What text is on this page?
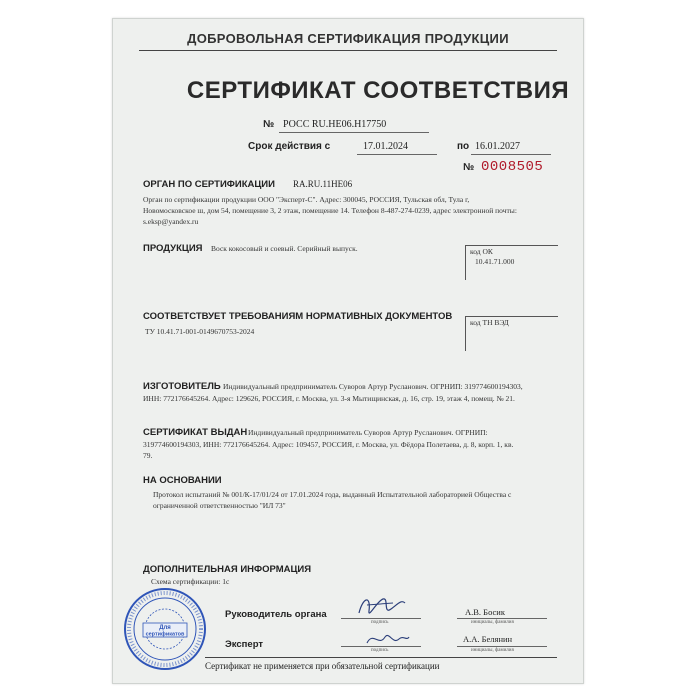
ДОБРОВОЛЬНАЯ СЕРТИФИКАЦИЯ ПРОДУКЦИИ
СЕРТИФИКАТ СООТВЕТСТВИЯ
№ РОСС RU.НЕ06.Н17750
Срок действия с	17.01.2024	по 16.01.2027
№ 0008505
ОРГАН ПО СЕРТИФИКАЦИИ RA.RU.11НЕ06
Орган по сертификации продукции ООО "Эксперт-С". Адрес: 300045, РОССИЯ, Тульская обл, Тула г,
Новомосковское ш, дом 54, помещение 3, 2 этаж, помещение 14. Телефон 8-487-274-0239, адрес электронной почты:
s.eksp@yandex.ru
ПРОДУКЦИЯ Воск кокосовый и соевый. Серийный выпуск.	код ОК
10.41.71.000
СООТВЕТСТВУЕТ ТРЕБОВАНИЯМ НОРМАТИВНЫХ ДОКУМЕНТОВ
ТУ 10.41.71-001-0149670753-2024
код ТН ВЭД
ИЗГОТОВИТЕЛЬ Индивидуальный предприниматель Суворов Артур Русланович. ОГРНИП: 319774600194303,
ИНН: 772176645264. Адрес: 129626, РОССИЯ, г. Москва, ул. 3-я Мытищинская, д. 16, стр. 19, этаж 4, помещ. № 21.
СЕРТИФИКАТ ВЫДАН Индивидуальный предприниматель Суворов Артур Русланович. ОГРНИП:
319774600194303, ИНН: 772176645264. Адрес: 109457, РОССИЯ, г. Москва, ул. Фёдора Полетаева, д. 8, корп. 1, кв.
79.
НА ОСНОВАНИИ
Протокол испытаний № 001/К-17/01/24 от 17.01.2024 года, выданный Испытательной лабораторией Общества с
ограниченной ответственностью "ИЛ 73"
ДОПОЛНИТЕЛЬНАЯ ИНФОРМАЦИЯ
Схема сертификации: 1с
Руководитель органа
подпись
А.В. Босик
инициалы, фамилия
Эксперт
подпись
А.А. Белянин
инициалы, фамилия
Для
сертификатов
Сертификат не применяется при обязательной сертификации
